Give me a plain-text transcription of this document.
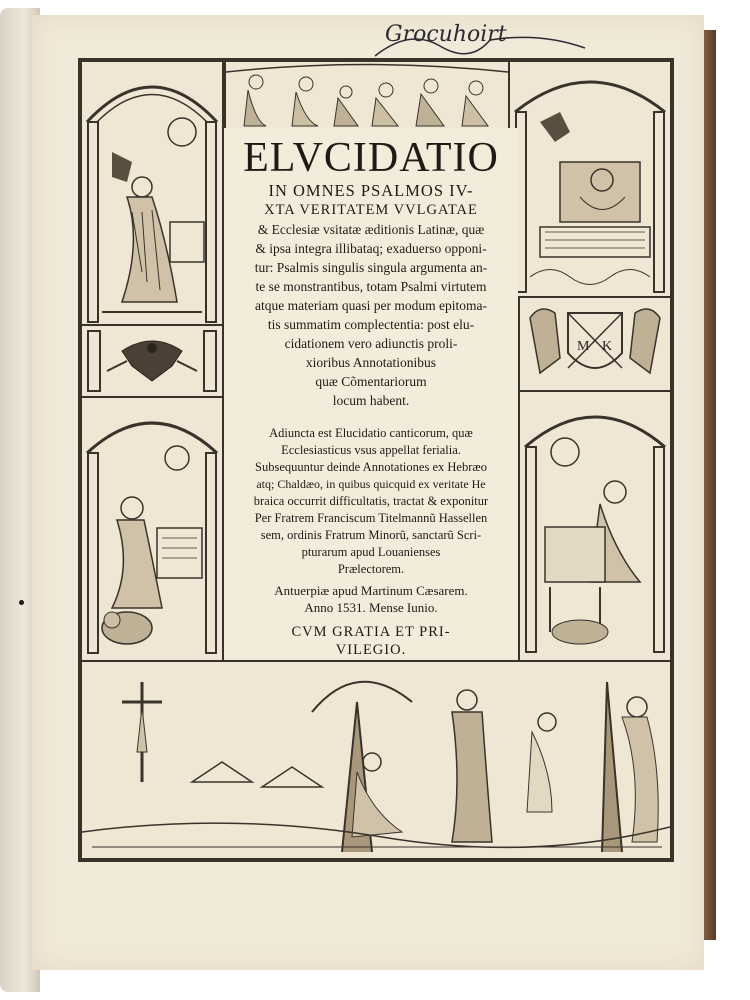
Grocuhoirt
M K
ELVCIDATIO
IN OMNES PSALMOS IV-
XTA VERITATEM VVLGATAE
& Ecclesiæ vsitatæ æditionis Latinæ, quæ
& ipsa integra illibataq; exaduerso opponi-
tur: Psalmis singulis singula argumenta an-
te se monstrantibus, totam Psalmi virtutem
atque materiam quasi per modum epitoma-
tis summatim complectentia: post elu-
cidationem vero adiunctis proli-
xioribus Annotationibus
quæ Cõmentariorum
locum habent.
Adiuncta est Elucidatio canticorum, quæ
Ecclesiasticus vsus appellat ferialia.
Subsequuntur deinde Annotationes ex Hebræo
atq; Chaldæo, in quibus quicquid ex veritate He
braica occurrit difficultatis, tractat & exponitur
Per Fratrem Franciscum Titelmannũ Hassellen
sem, ordinis Fratrum Minorũ, sanctarũ Scri-
pturarum apud Louanienses
Prælectorem.
Antuerpiæ apud Martinum Cæsarem.
Anno 1531. Mense Iunio.
CVM GRATIA ET PRI-
VILEGIO.
